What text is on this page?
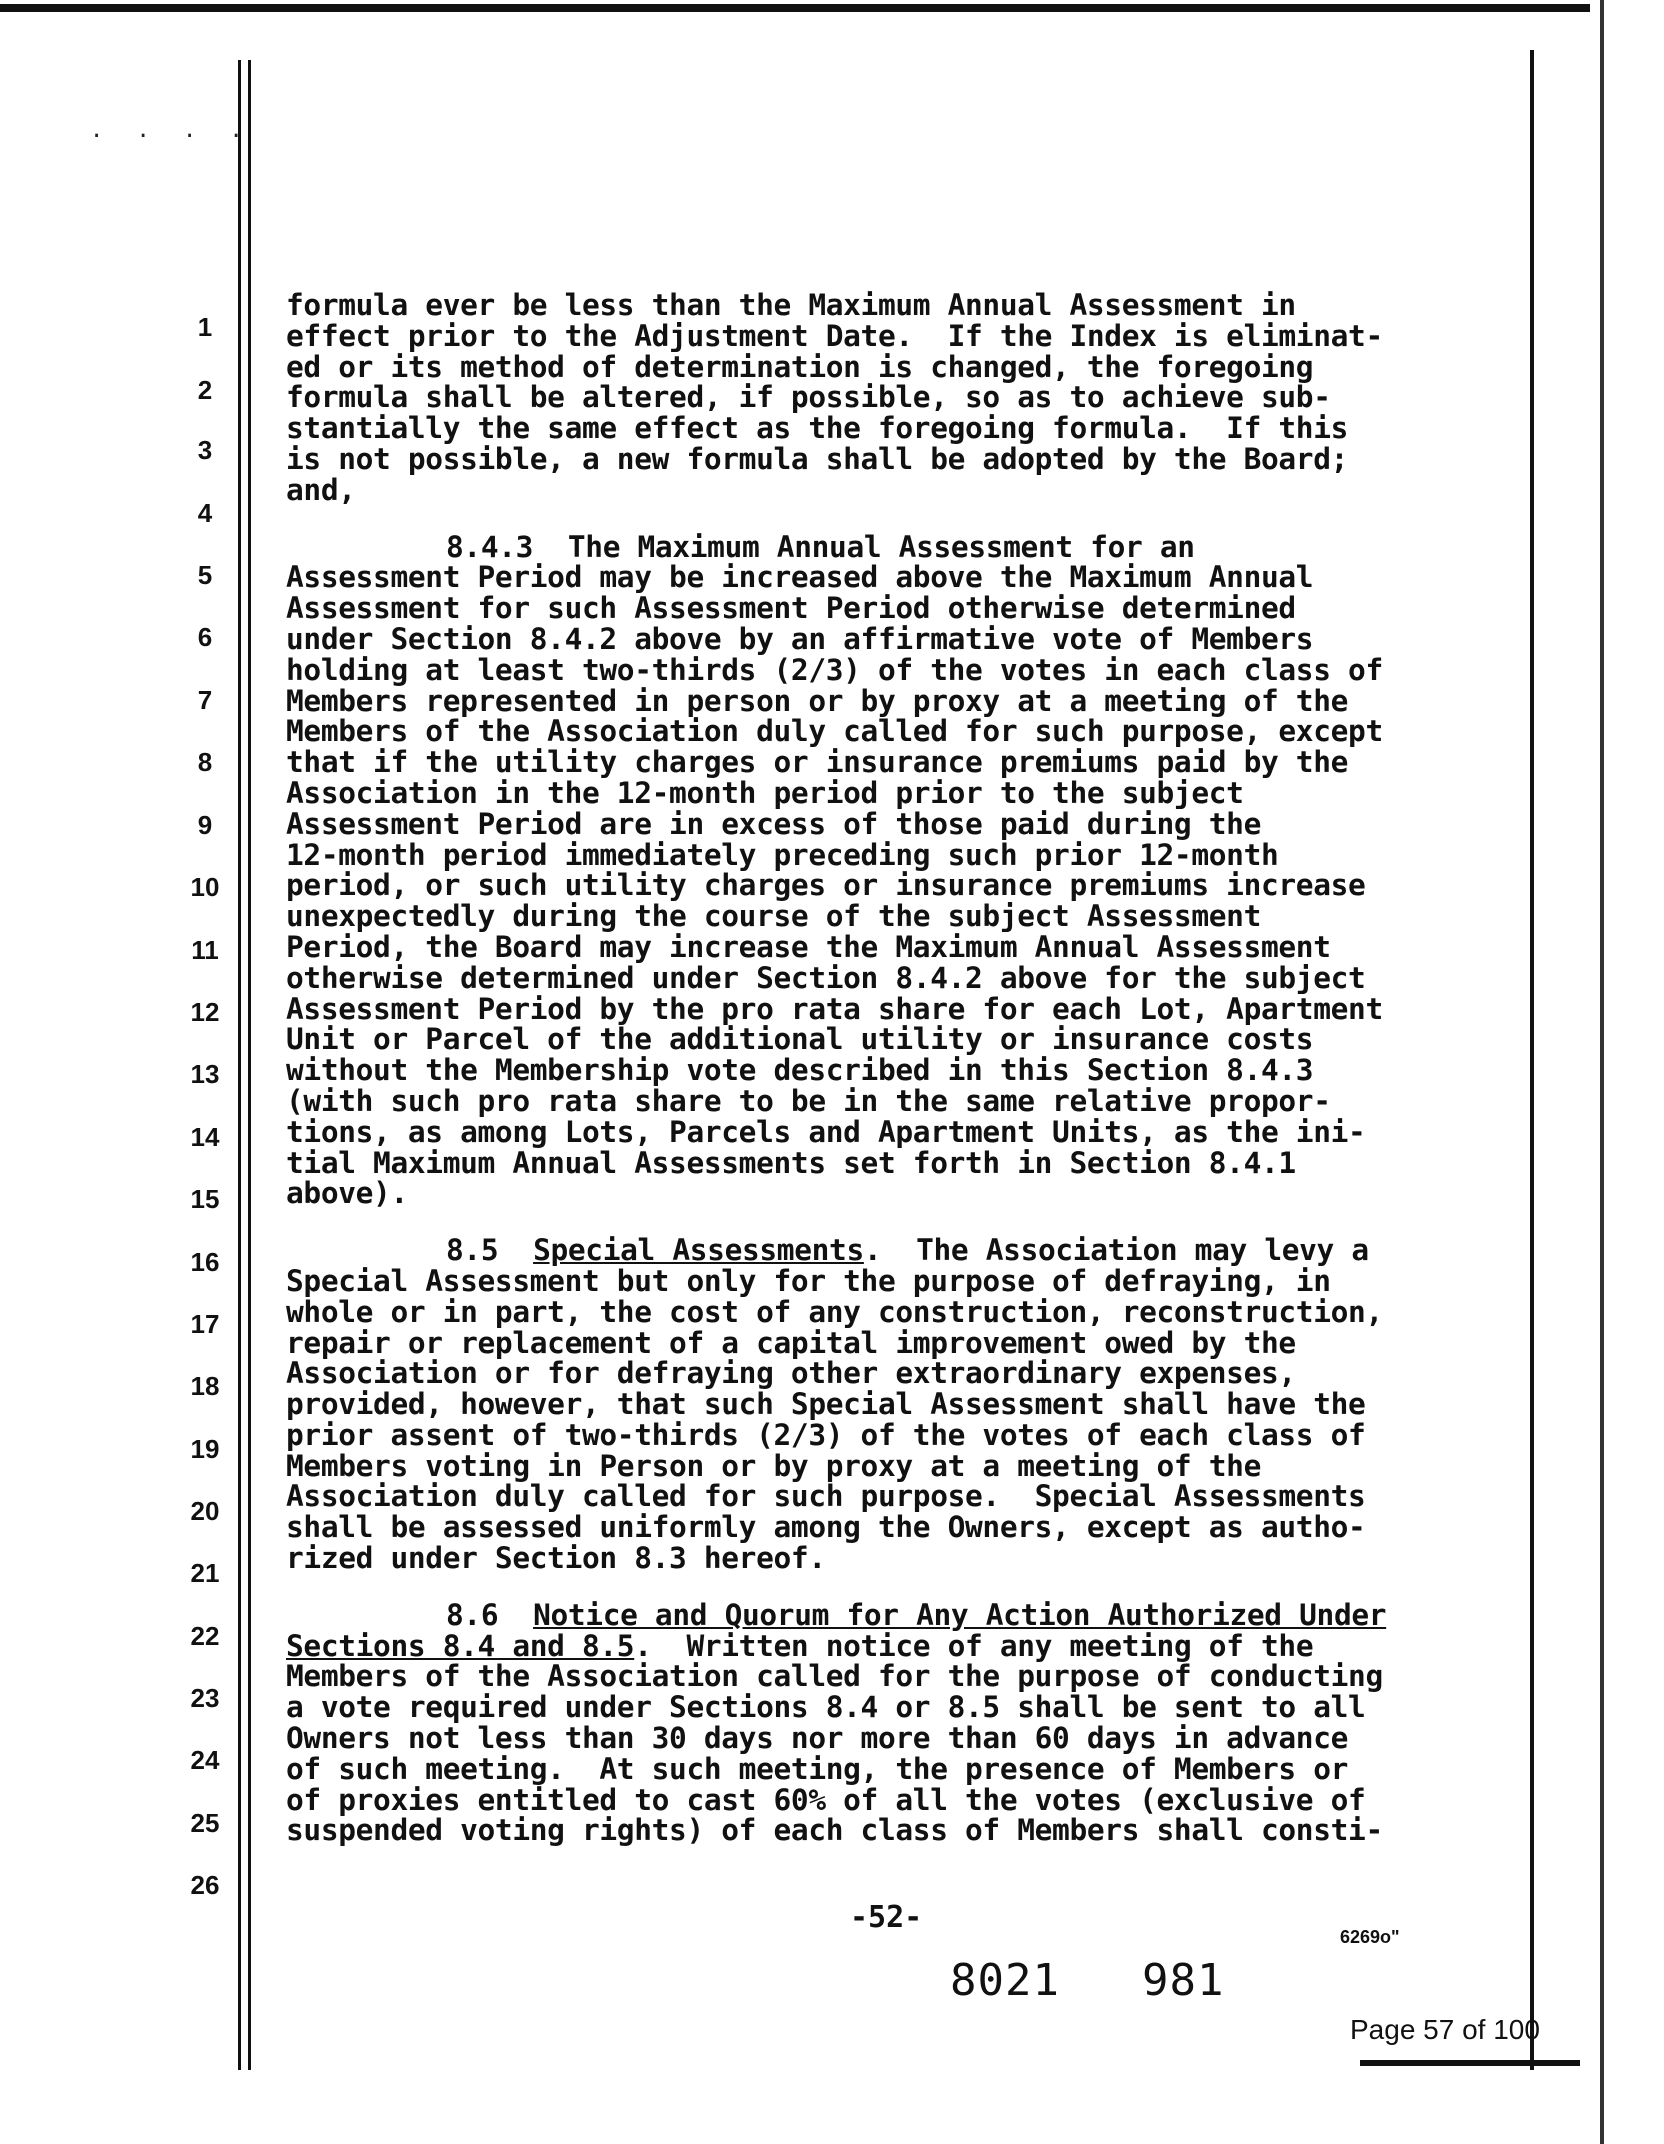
. . . .
1
2
3
4
5
6
7
8
9
10
11
12
13
14
15
16
17
18
19
20
21
22
23
24
25
26

formula ever be less than the Maximum Annual Assessment in

effect prior to the Adjustment Date.  If the Index is eliminat-

ed or its method of determination is changed, the foregoing

formula shall be altered, if possible, so as to achieve sub-

stantially the same effect as the foregoing formula.  If this

is not possible, a new formula shall be adopted by the Board;

and,

8.4.3  The Maximum Annual Assessment for an

Assessment Period may be increased above the Maximum Annual

Assessment for such Assessment Period otherwise determined

under Section 8.4.2 above by an affirmative vote of Members

holding at least two-thirds (2/3) of the votes in each class of

Members represented in person or by proxy at a meeting of the

Members of the Association duly called for such purpose, except

that if the utility charges or insurance premiums paid by the

Association in the 12-month period prior to the subject

Assessment Period are in excess of those paid during the

12-month period immediately preceding such prior 12-month

period, or such utility charges or insurance premiums increase

unexpectedly during the course of the subject Assessment

Period, the Board may increase the Maximum Annual Assessment

otherwise determined under Section 8.4.2 above for the subject

Assessment Period by the pro rata share for each Lot, Apartment

Unit or Parcel of the additional utility or insurance costs

without the Membership vote described in this Section 8.4.3

(with such pro rata share to be in the same relative propor-

tions, as among Lots, Parcels and Apartment Units, as the ini-

tial Maximum Annual Assessments set forth in Section 8.4.1

above).

8.5 Special Assessments.  The Association may levy a

Special Assessment but only for the purpose of defraying, in

whole or in part, the cost of any construction, reconstruction,

repair or replacement of a capital improvement owed by the

Association or for defraying other extraordinary expenses,

provided, however, that such Special Assessment shall have the

prior assent of two-thirds (2/3) of the votes of each class of

Members voting in Person or by proxy at a meeting of the

Association duly called for such purpose.  Special Assessments

shall be assessed uniformly among the Owners, except as autho-

rized under Section 8.3 hereof.

8.6 Notice and Quorum for Any Action Authorized Under

Sections 8.4 and 8.5.  Written notice of any meeting of the

Members of the Association called for the purpose of conducting

a vote required under Sections 8.4 or 8.5 shall be sent to all

Owners not less than 30 days nor more than 60 days in advance

of such meeting.  At such meeting, the presence of Members or

of proxies entitled to cast 60% of all the votes (exclusive of

suspended voting rights) of each class of Members shall consti-

-52-
6269o"
8021 981
Page 57 of 100
